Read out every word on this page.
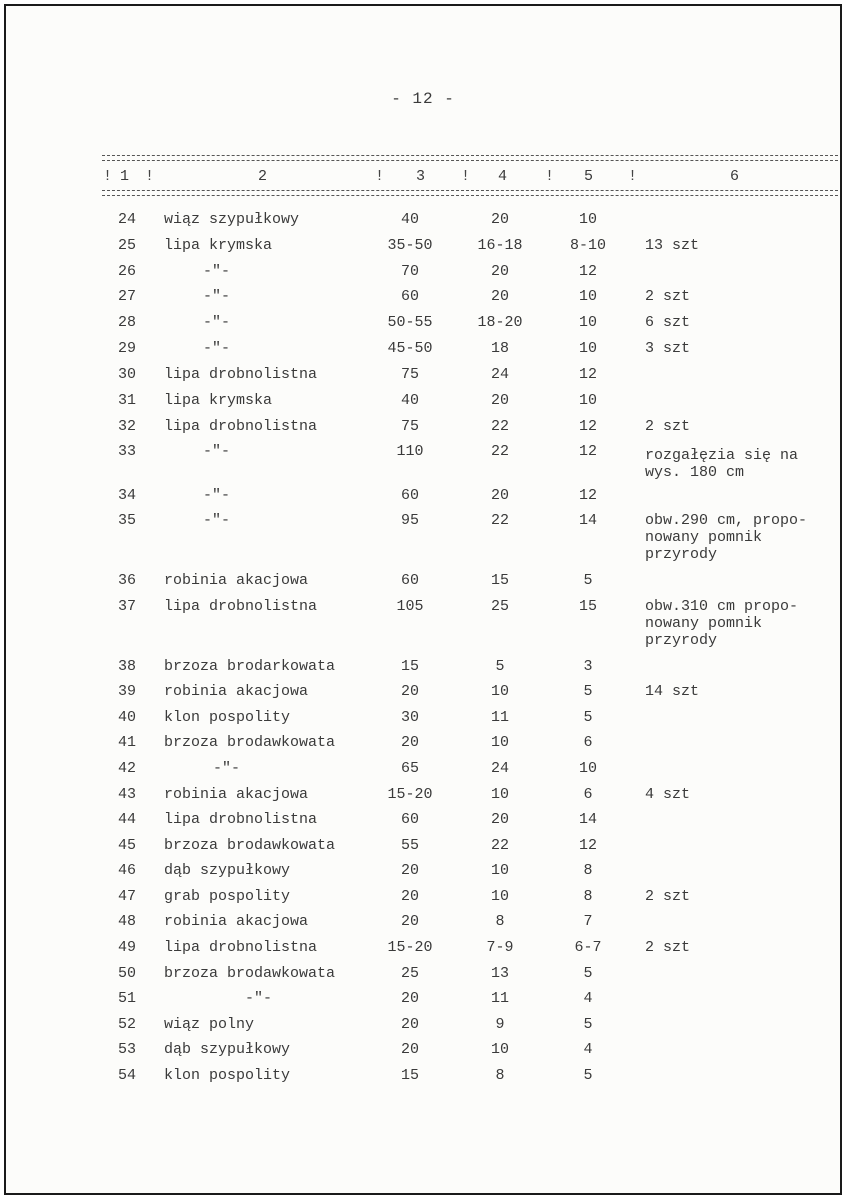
- 12 -
! 1 !	2	! 3 ! 4	! 5 !	6
24 wiąz szypułkowy	40	20	10
25 lipa krymska	35-50	16-18	8-10	13 szt
26	-"-	70	20	12
27	-"-	60	20	10	2 szt
28	-"-	50-55	18-20	10	6 szt
29	-"-	45-50	18	10	3 szt
30 lipa drobnolistna	75	24	12
31 lipa krymska	40	20	10
32 lipa drobnolistna	75	22	12	2 szt
33	-"-	110	22	12	rozgałęzia się na
wys. 180 cm
34	-"-	60	20	12
35	-"-	95	22	14	obw.290 cm, propo-
nowany pomnik
przyrody
36 robinia akacjowa	60	15	5
37 lipa drobnolistna	105	25	15	obw.310 cm propo-
nowany pomnik
przyrody
38 brzoza brodarkowata	15	5	3
39 robinia akacjowa	20	10	5	14 szt
40 klon pospolity	30	11	5
41 brzoza brodawkowata	20	10	6
42	-"-	65	24	10
43 robinia akacjowa	15-20	10	6	4 szt
44 lipa drobnolistna	60	20	14
45 brzoza brodawkowata	55	22	12
46 dąb szypułkowy	20	10	8
47 grab pospolity	20	10	8	2 szt
48 robinia akacjowa	20	8	7
49 lipa drobnolistna	15-20	7-9	6-7	2 szt
50 brzoza brodawkowata	25	13	5
51	-"-	20	11	4
52 wiąz polny	20	9	5
53 dąb szypułkowy	20	10	4
54 klon pospolity	15	8	5
